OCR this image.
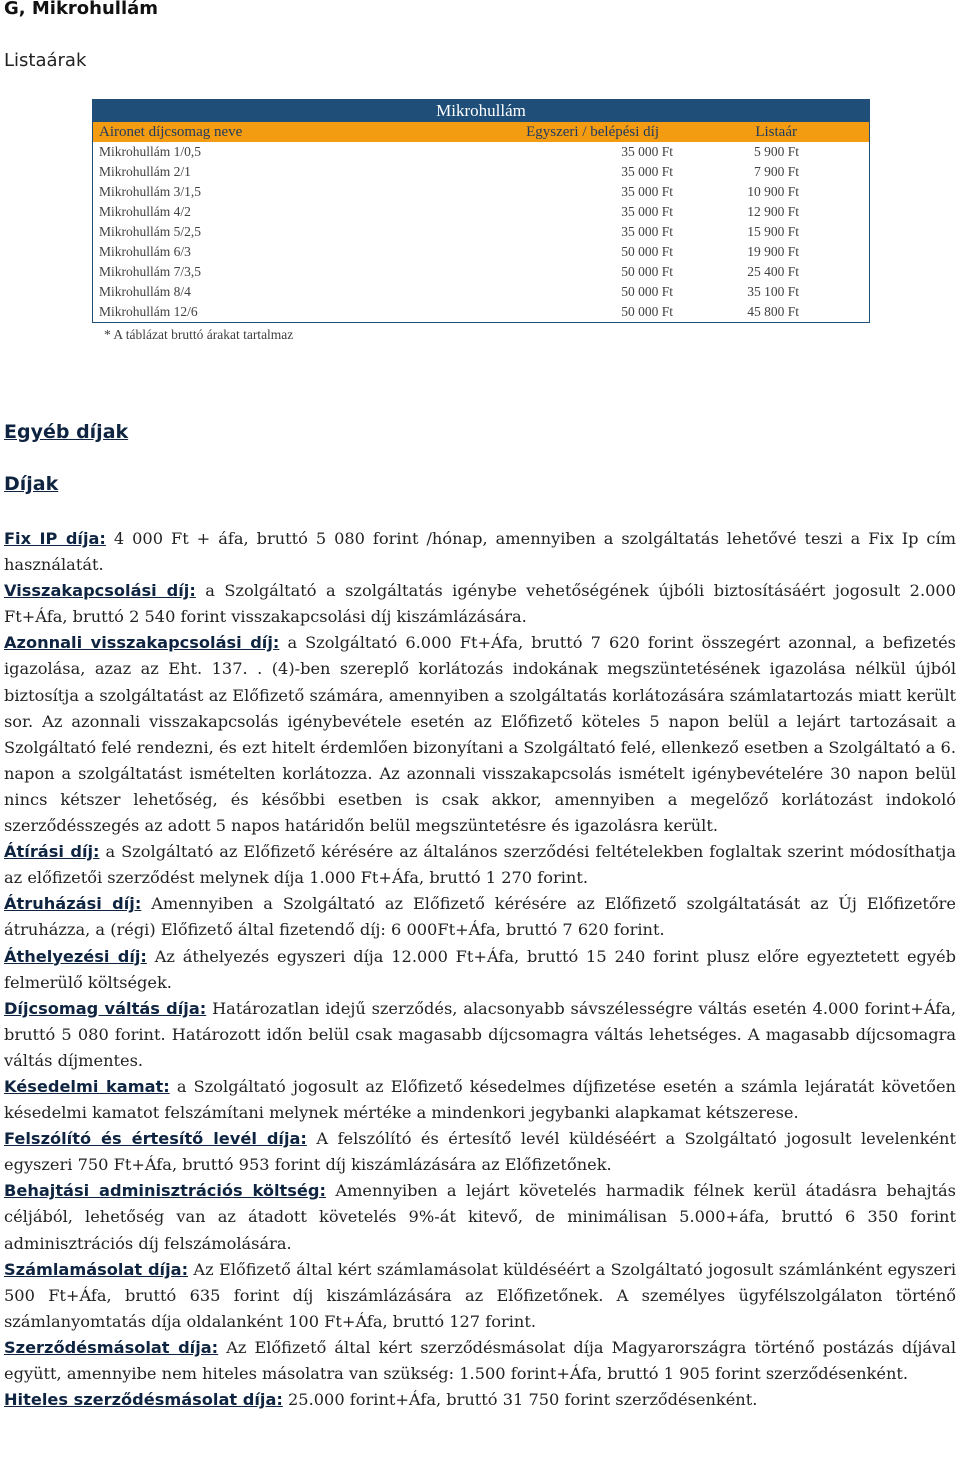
G, Mikrohullám
Listaárak
Mikrohullám		
Aironet díjcsomag neve	Egyszeri / belépési díj	Listaár
Mikrohullám 1/0,5	35 000 Ft	5 900 Ft
Mikrohullám 2/1	35 000 Ft	7 900 Ft
Mikrohullám 3/1,5	35 000 Ft	10 900 Ft
Mikrohullám 4/2	35 000 Ft	12 900 Ft
Mikrohullám 5/2,5	35 000 Ft	15 900 Ft
Mikrohullám 6/3	50 000 Ft	19 900 Ft
Mikrohullám 7/3,5	50 000 Ft	25 400 Ft
Mikrohullám 8/4	50 000 Ft	35 100 Ft
Mikrohullám 12/6	50 000 Ft	45 800 Ft
* A táblázat bruttó árakat tartalmaz
Egyéb díjak
Díjak

Fix IP díja: 4 000 Ft + áfa, bruttó 5 080 forint /hónap, amennyiben a szolgáltatás lehetővé teszi a Fix Ip cím használatát.

Visszakapcsolási díj: a Szolgáltató a szolgáltatás igénybe vehetőségének újbóli biztosításáért jogosult 2.000 Ft+Áfa, bruttó 2 540 forint visszakapcsolási díj kiszámlázására.

Azonnali visszakapcsolási díj: a Szolgáltató 6.000 Ft+Áfa, bruttó 7 620 forint összegért azonnal, a befizetés igazolása, azaz az Eht. 137. . (4)-ben szereplő korlátozás indokának megszüntetésének igazolása nélkül újból biztosítja a szolgáltatást az Előfizető számára, amennyiben a szolgáltatás korlátozására számlatartozás miatt került sor. Az azonnali visszakapcsolás igénybevétele esetén az Előfizető köteles 5 napon belül a lejárt tartozásait a Szolgáltató felé rendezni, és ezt hitelt érdemlően bizonyítani a Szolgáltató felé, ellenkező esetben a Szolgáltató a 6. napon a szolgáltatást ismételten korlátozza. Az azonnali visszakapcsolás ismételt igénybevételére 30 napon belül nincs kétszer lehetőség, és későbbi esetben is csak akkor, amennyiben a megelőző korlátozást indokoló szerződésszegés az adott 5 napos határidőn belül megszüntetésre és igazolásra került.

Átírási díj: a Szolgáltató az Előfizető kérésére az általános szerződési feltételekben foglaltak szerint módosíthatja az előfizetői szerződést melynek díja 1.000 Ft+Áfa, bruttó 1 270 forint.

Átruházási díj: Amennyiben a Szolgáltató az Előfizető kérésére az Előfizető szolgáltatását az Új Előfizetőre átruházza, a (régi) Előfizető által fizetendő díj: 6 000Ft+Áfa, bruttó 7 620 forint.

Áthelyezési díj: Az áthelyezés egyszeri díja 12.000 Ft+Áfa, bruttó 15 240 forint plusz előre egyeztetett egyéb felmerülő költségek.

Díjcsomag váltás díja: Határozatlan idejű szerződés, alacsonyabb sávszélességre váltás esetén 4.000 forint+Áfa, bruttó 5 080 forint. Határozott időn belül csak magasabb díjcsomagra váltás lehetséges. A magasabb díjcsomagra váltás díjmentes.

Késedelmi kamat: a Szolgáltató jogosult az Előfizető késedelmes díjfizetése esetén a számla lejáratát követően késedelmi kamatot felszámítani melynek mértéke a mindenkori jegybanki alapkamat kétszerese.

Felszólító és értesítő levél díja: A felszólító és értesítő levél küldéséért a Szolgáltató jogosult levelenként egyszeri 750 Ft+Áfa, bruttó 953 forint díj kiszámlázására az Előfizetőnek.

Behajtási adminisztrációs költség: Amennyiben a lejárt követelés harmadik félnek kerül átadásra behajtás céljából, lehetőség van az átadott követelés 9%-át kitevő, de minimálisan 5.000+áfa, bruttó 6 350 forint adminisztrációs díj felszámolására.

Számlamásolat díja: Az Előfizető által kért számlamásolat küldéséért a Szolgáltató jogosult számlánként egyszeri 500 Ft+Áfa, bruttó 635 forint díj kiszámlázására az Előfizetőnek. A személyes ügyfélszolgálaton történő számlanyomtatás díja oldalanként 100 Ft+Áfa, bruttó 127 forint.

Szerződésmásolat díja: Az Előfizető által kért szerződésmásolat díja Magyarországra történő postázás díjával együtt, amennyibe nem hiteles másolatra van szükség: 1.500 forint+Áfa, bruttó 1 905 forint szerződésenként.

Hiteles szerződésmásolat díja: 25.000 forint+Áfa, bruttó 31 750 forint szerződésenként.
